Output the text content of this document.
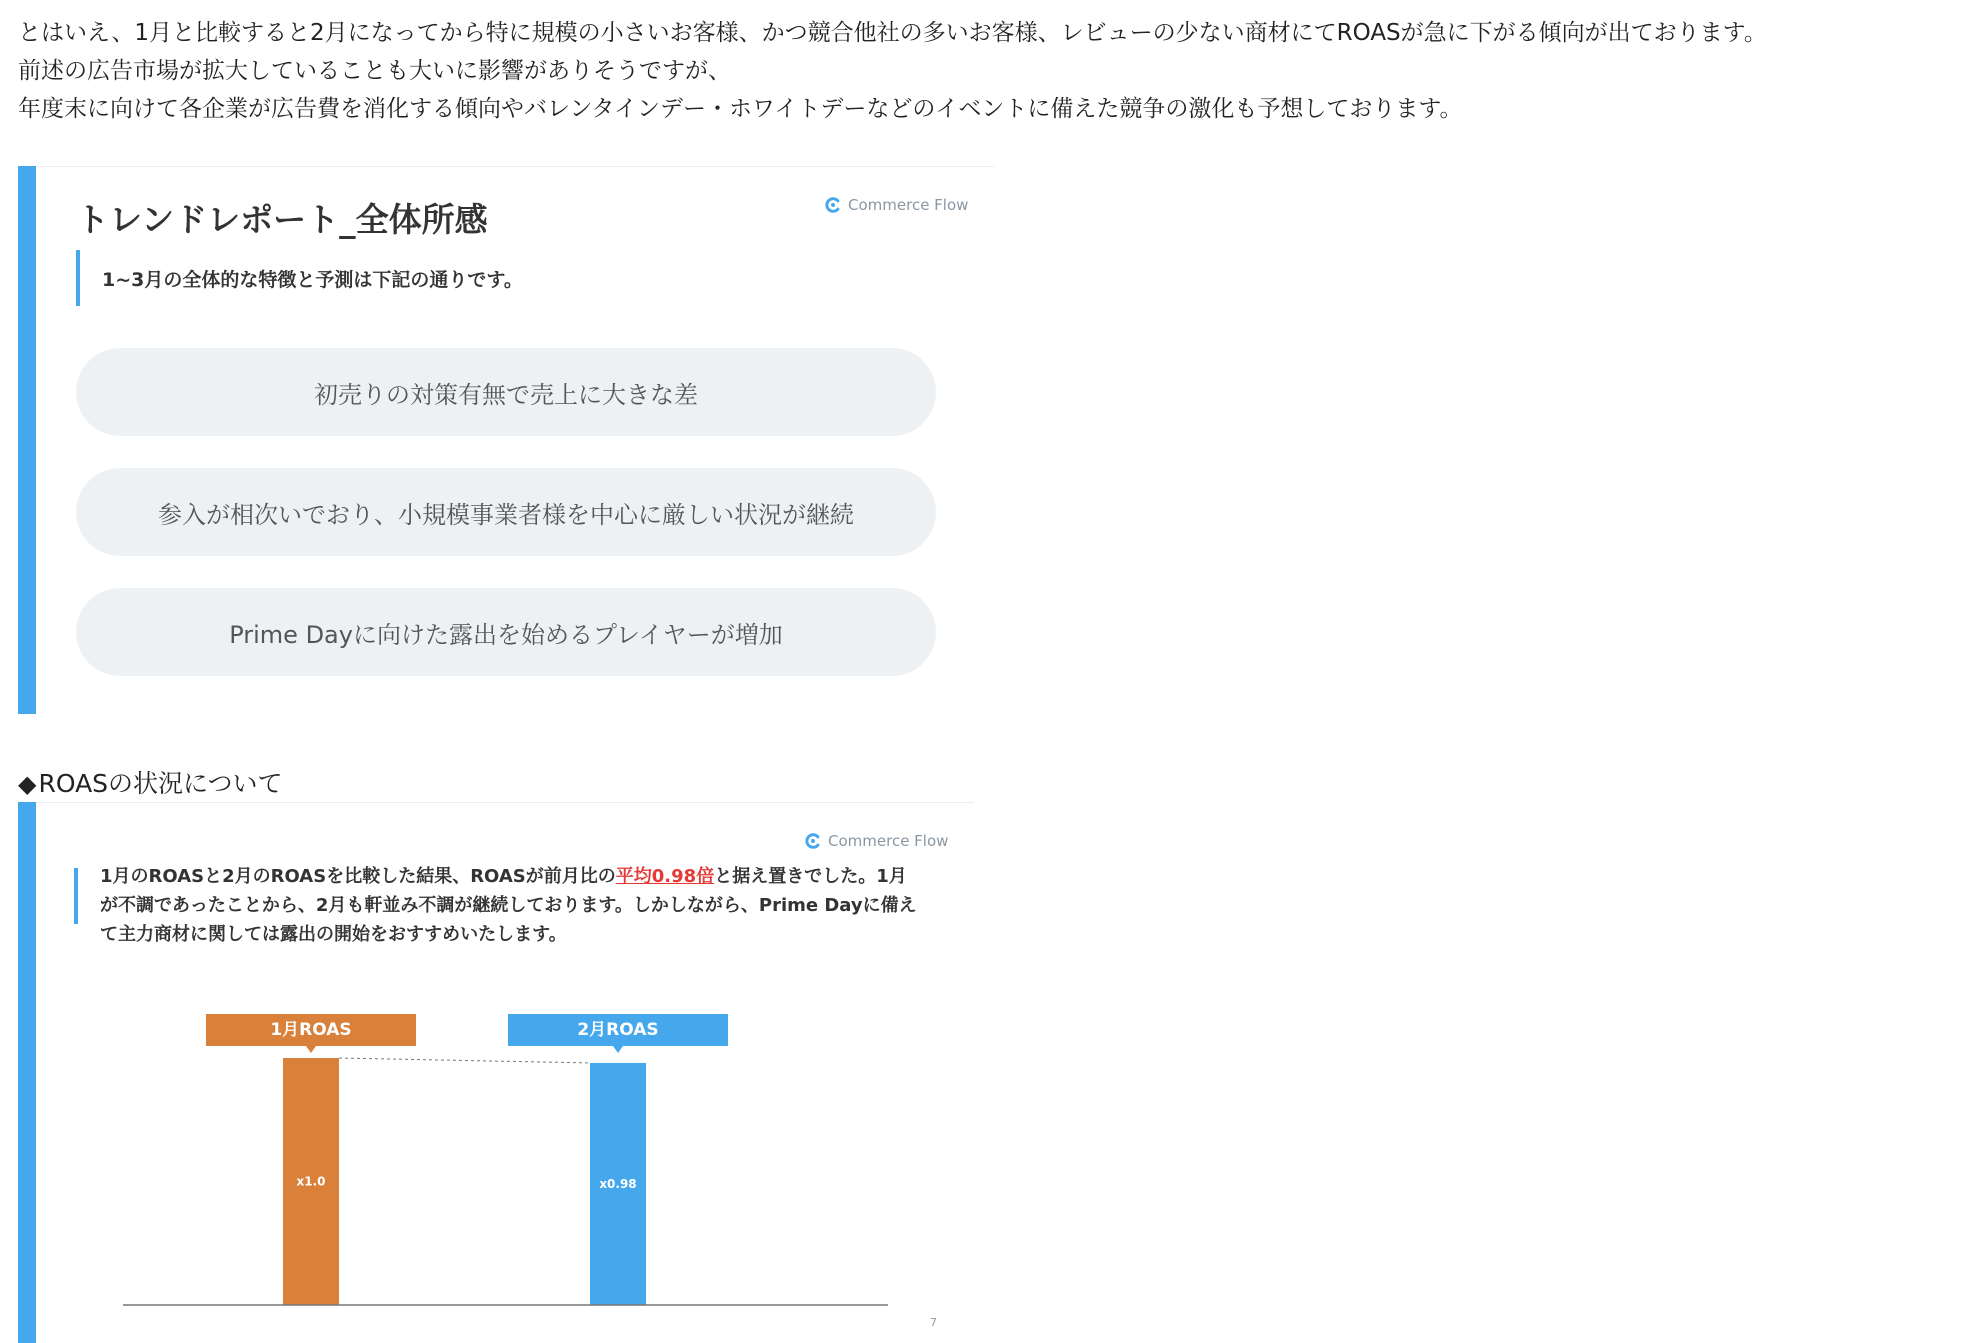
とはいえ、1月と比較すると2月になってから特に規模の小さいお客様、かつ競合他社の多いお客様、レビューの少ない商材にてROASが急に下がる傾向が出ております。

前述の広告市場が拡大していることも大いに影響がありそうですが、

年度末に向けて各企業が広告費を消化する傾向やバレンタインデー・ホワイトデーなどのイベントに備えた競争の激化も予想しております。

トレンドレポート_全体所感	Commerce Flow
1~3月の全体的な特徴と予測は下記の通りです。
初売りの対策有無で売上に大きな差
参入が相次いでおり、小規模事業者様を中心に厳しい状況が継続
Prime Dayに向けた露出を始めるプレイヤーが増加
◆ROASの状況について
Commerce Flow
1月のROASと2月のROASを比較した結果、ROASが前月比の平均0.98倍と据え置きでした。1月が不調であったことから、2月も軒並み不調が継続しております。しかしながら、Prime Dayに備えて主力商材に関しては露出の開始をおすすめいたします。
x1.0
1月ROAS
x0.98
2月ROAS
7
